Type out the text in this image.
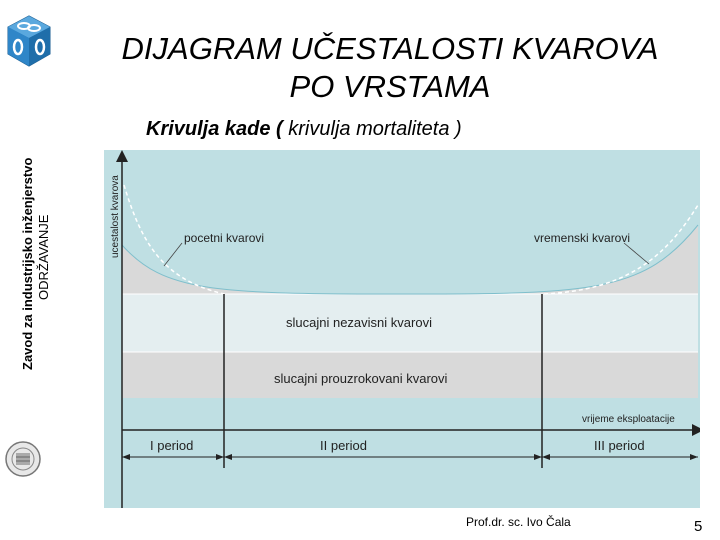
Zavod za industrijsko inženjerstvo ODRŽAVANJE
DIJAGRAM UČESTALOSTI KVAROVA
PO VRSTAMA
Krivulja kade ( krivulja mortaliteta )
ucestalost kvarova	pocetni kvarovi	vremenski kvarovi
slucajni nezavisni kvarovi
slucajni prouzrokovani kvarovi
vrijeme eksploatacije
I period	II period	III period
Prof.dr. sc. Ivo Čala	5
